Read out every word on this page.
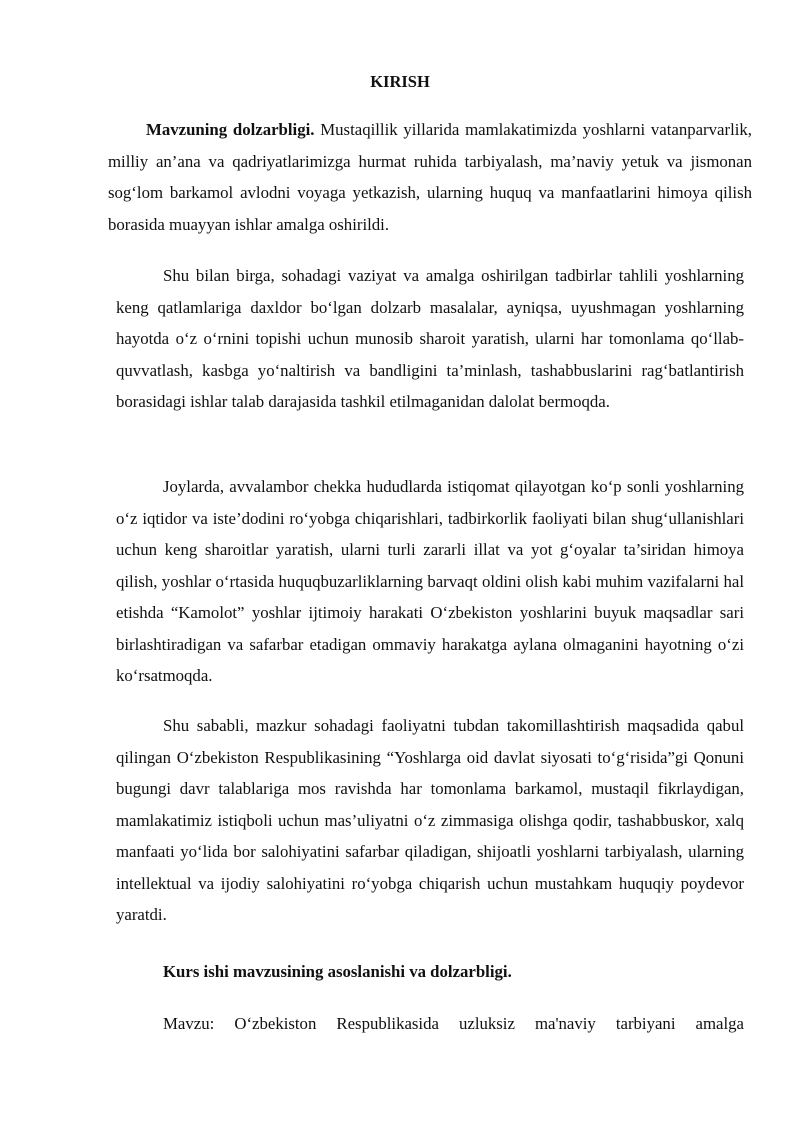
KIRISH

Mavzuning dolzarbligi. Mustaqillik yillarida mamlakatimizda yoshlarni vatanparvarlik, milliy an’ana va qadriyatlarimizga hurmat ruhida tarbiyalash, ma’naviy yetuk va jismonan sog‘lom barkamol avlodni voyaga yetkazish, ularning huquq va manfaatlarini himoya qilish borasida muayyan ishlar amalga oshirildi.

Shu bilan birga, sohadagi vaziyat va amalga oshirilgan tadbirlar tahlili yoshlarning keng qatlamlariga daxldor bo‘lgan dolzarb masalalar, ayniqsa, uyushmagan yoshlarning hayotda o‘z o‘rnini topishi uchun munosib sharoit yaratish, ularni har tomonlama qo‘llab-quvvatlash, kasbga yo‘naltirish va bandligini ta’minlash, tashabbuslarini rag‘batlantirish borasidagi ishlar talab darajasida tashkil etilmaganidan dalolat bermoqda.

Joylarda, avvalambor chekka hududlarda istiqomat qilayotgan ko‘p sonli yoshlarning o‘z iqtidor va iste’dodini ro‘yobga chiqarishlari, tadbirkorlik faoliyati bilan shug‘ullanishlari uchun keng sharoitlar yaratish, ularni turli zararli illat va yot g‘oyalar ta’siridan himoya qilish, yoshlar o‘rtasida huquqbuzarliklarning barvaqt oldini olish kabi muhim vazifalarni hal etishda “Kamolot” yoshlar ijtimoiy harakati O‘zbekiston yoshlarini buyuk maqsadlar sari birlashtiradigan va safarbar etadigan ommaviy harakatga aylana olmaganini hayotning o‘zi ko‘rsatmoqda.

Shu sababli, mazkur sohadagi faoliyatni tubdan takomillashtirish maqsadida qabul qilingan O‘zbekiston Respublikasining “Yoshlarga oid davlat siyosati to‘g‘risida”gi Qonuni bugungi davr talablariga mos ravishda har tomonlama barkamol, mustaqil fikrlaydigan, mamlakatimiz istiqboli uchun mas’uliyatni o‘z zimmasiga olishga qodir, tashabbuskor, xalq manfaati yo‘lida bor salohiyatini safarbar qiladigan, shijoatli yoshlarni tarbiyalash, ularning intellektual va ijodiy salohiyatini ro‘yobga chiqarish uchun mustahkam huquqiy poydevor yaratdi.

Kurs ishi mavzusining asoslanishi va dolzarbligi.

Mavzu: O‘zbekiston Respublikasida uzluksiz ma'naviy tarbiyani amalga
